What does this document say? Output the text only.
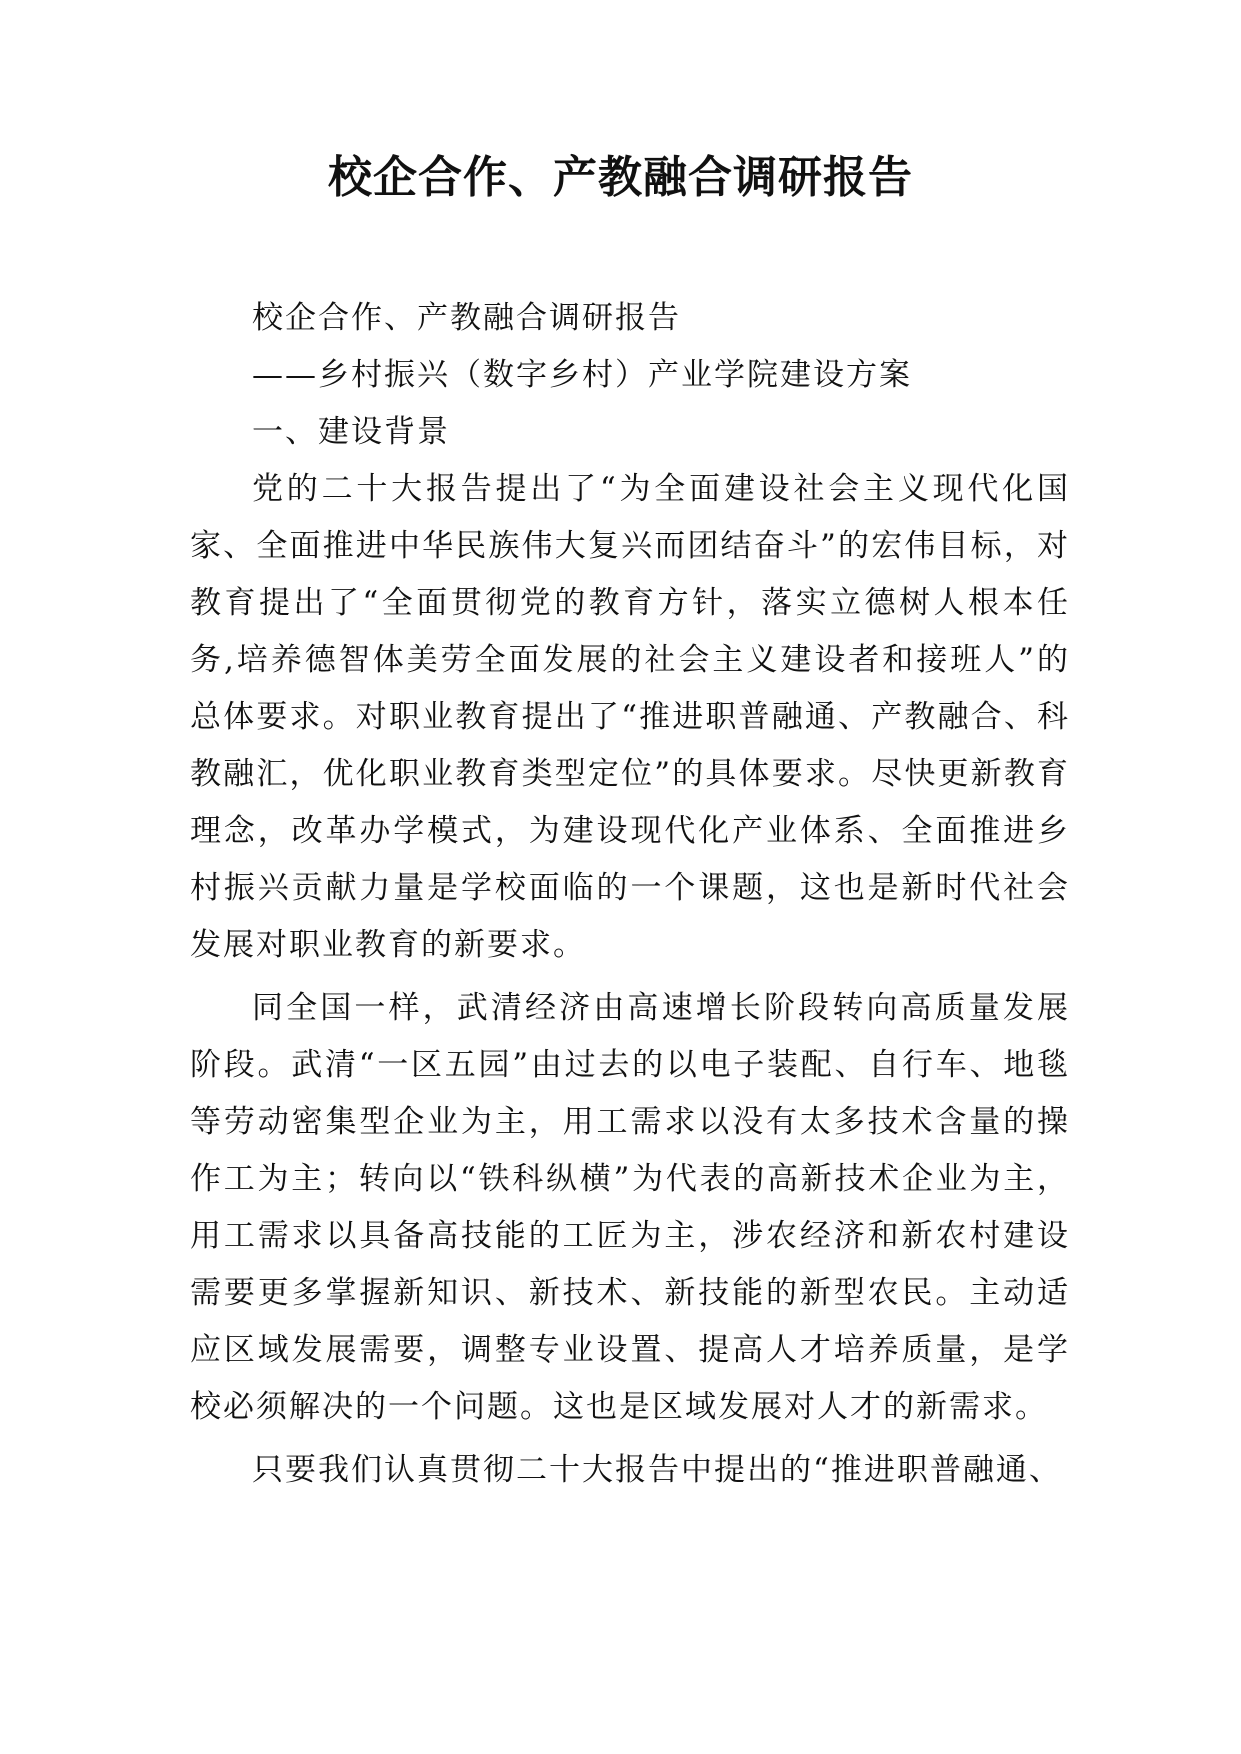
校企合作、产教融合调研报告

校企合作、产教融合调研报告

——乡村振兴（数字乡村）产业学院建设方案

一、建设背景

党的二十大报告提出了“为全面建设社会主义现代化国家、全面推进中华民族伟大复兴而团结奋斗”的宏伟目标，对教育提出了“全面贯彻党的教育方针，落实立德树人根本任务,培养德智体美劳全面发展的社会主义建设者和接班人”的总体要求。对职业教育提出了“推进职普融通、产教融合、科教融汇，优化职业教育类型定位”的具体要求。尽快更新教育理念，改革办学模式，为建设现代化产业体系、全面推进乡村振兴贡献力量是学校面临的一个课题，这也是新时代社会发展对职业教育的新要求。

同全国一样，武清经济由高速增长阶段转向高质量发展阶段。武清“一区五园”由过去的以电子装配、自行车、地毯等劳动密集型企业为主，用工需求以没有太多技术含量的操作工为主；转向以“铁科纵横”为代表的高新技术企业为主，用工需求以具备高技能的工匠为主，涉农经济和新农村建设需要更多掌握新知识、新技术、新技能的新型农民。主动适应区域发展需要，调整专业设置、提高人才培养质量，是学校必须解决的一个问题。这也是区域发展对人才的新需求。

只要我们认真贯彻二十大报告中提出的“推进职普融通、
